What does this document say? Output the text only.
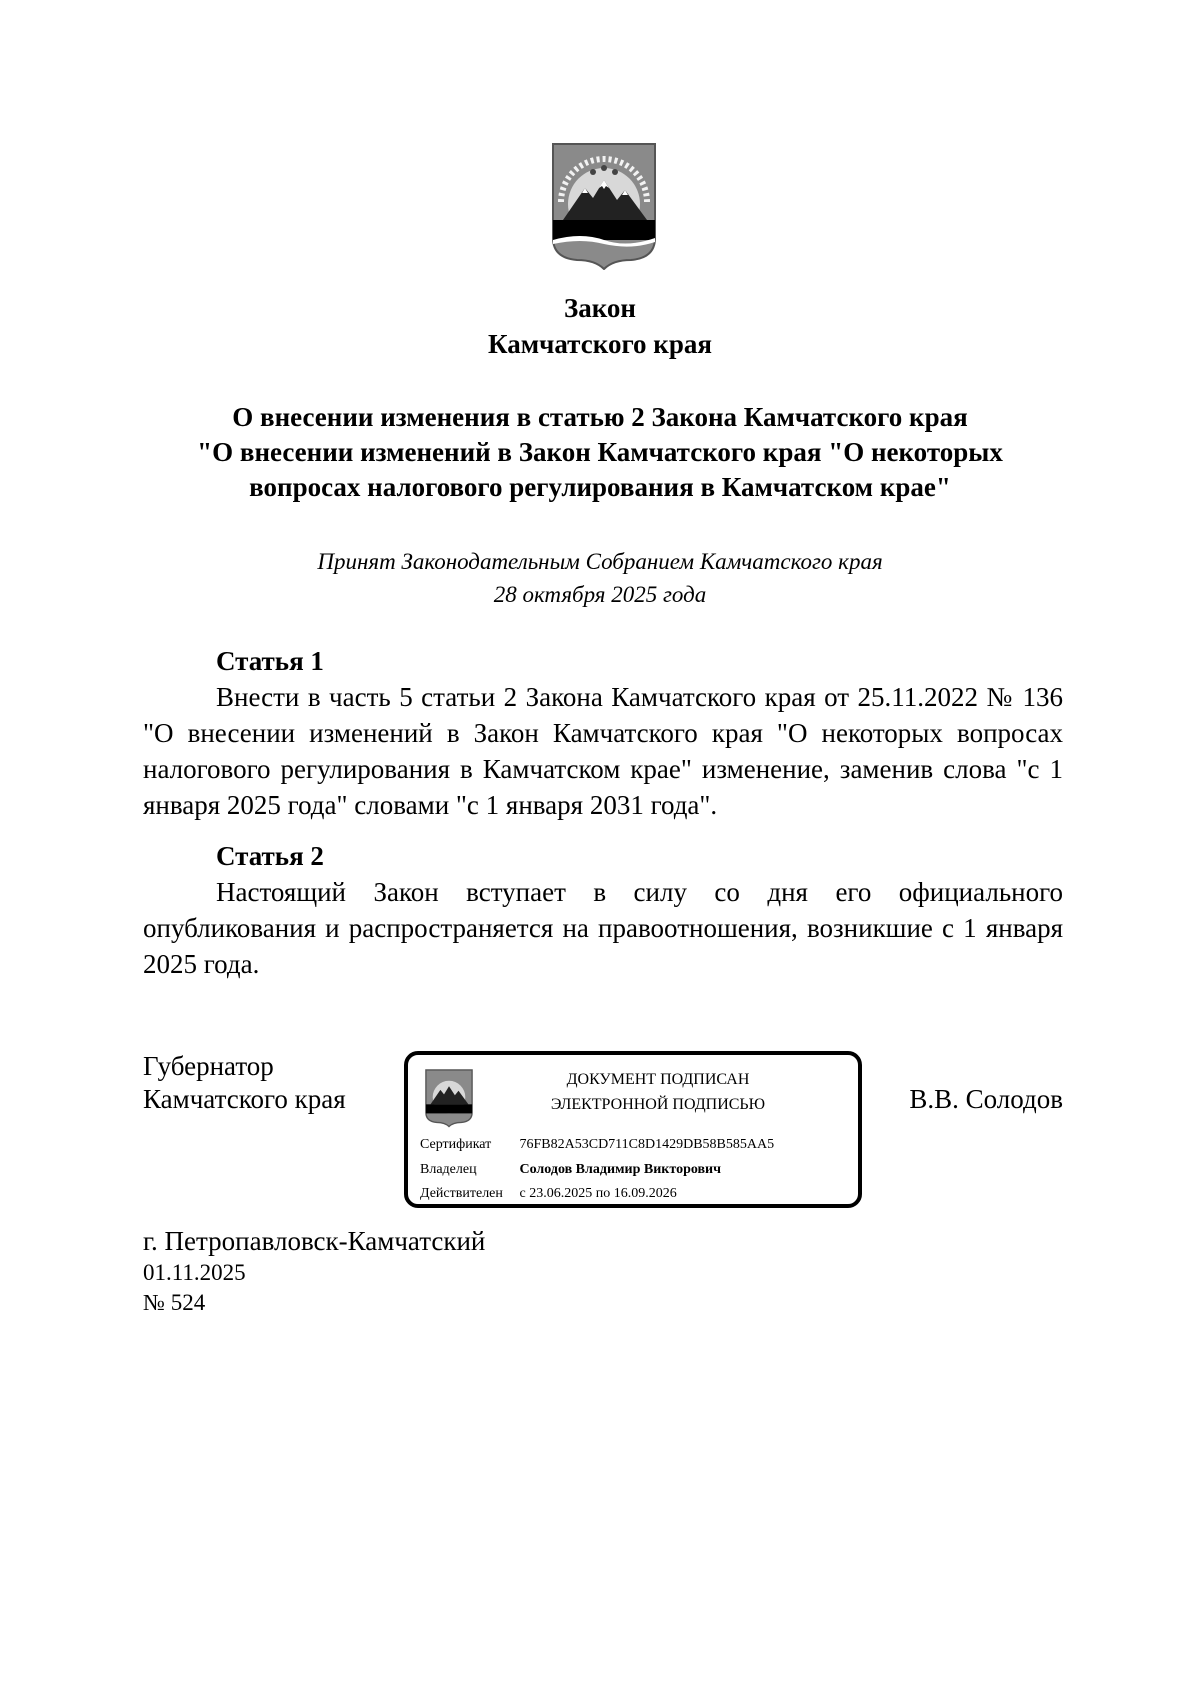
Закон
Камчатского края
О внесении изменения в статью 2 Закона Камчатского края
"О внесении изменений в Закон Камчатского края "О некоторых
вопросах налогового регулирования в Камчатском крае"
Принят Законодательным Собранием Камчатского края
28 октября 2025 года
Статья 1
Внести в часть 5 статьи 2 Закона Камчатского края от 25.11.2022 № 136 "О внесении изменений в Закон Камчатского края "О некоторых вопросах налогового регулирования в Камчатском крае" изменение, заменив слова "с 1 января 2025 года" словами "с 1 января 2031 года".
Статья 2
Настоящий Закон вступает в силу со дня его официального опубликования и распространяется на правоотношения, возникшие с 1 января 2025 года.
Губернатор
Камчатского края
ДОКУМЕНТ ПОДПИСАН
ЭЛЕКТРОННОЙ ПОДПИСЬЮ
Сертификат 76FB82A53CD711C8D1429DB58B585AA5
Владелец	Солодов Владимир Викторович
Действителен с 23.06.2025 по 16.09.2026
В.В. Солодов
г. Петропавловск-Камчатский
01.11.2025
№ 524
